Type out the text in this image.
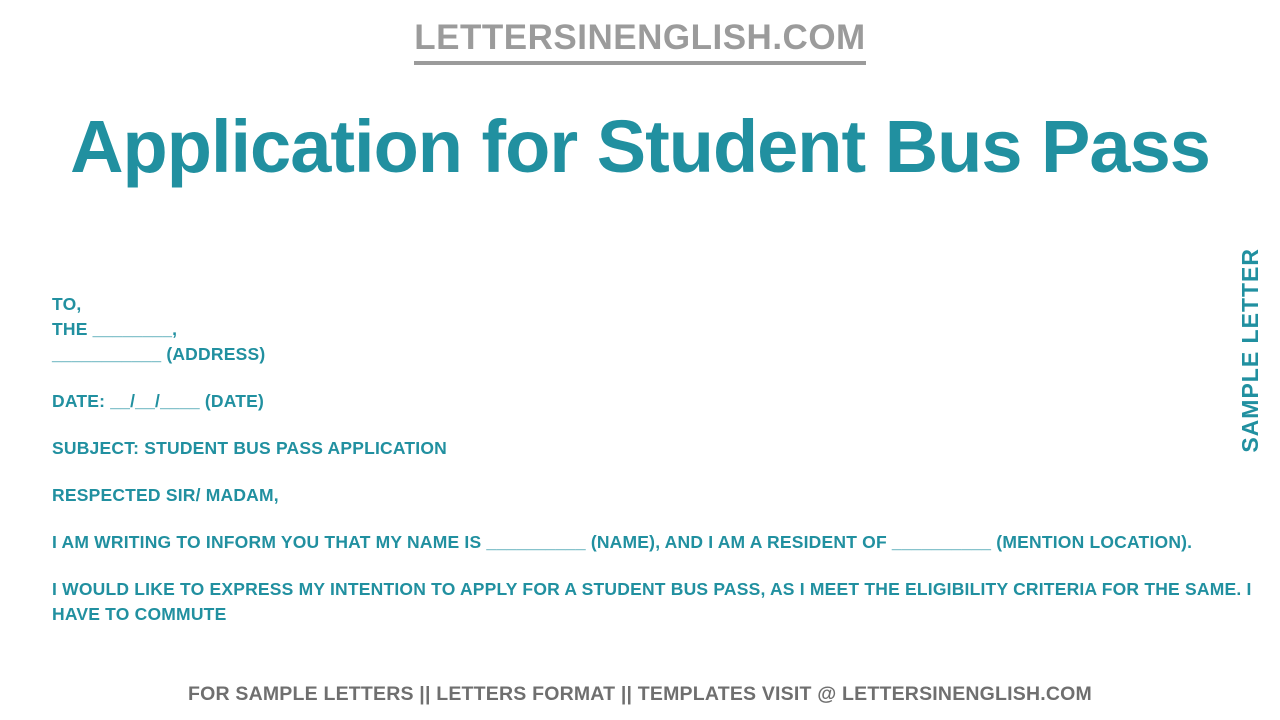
LETTERSINENGLISH.COM
Application for Student Bus Pass
SAMPLE LETTER
TO,
THE ________,
___________ (ADDRESS)
DATE: __/__/____ (DATE)
SUBJECT: STUDENT BUS PASS APPLICATION
RESPECTED SIR/ MADAM,
I AM WRITING TO INFORM YOU THAT MY NAME IS __________ (NAME), AND I AM A RESIDENT OF __________ (MENTION LOCATION).
I WOULD LIKE TO EXPRESS MY INTENTION TO APPLY FOR A STUDENT BUS PASS, AS I MEET THE ELIGIBILITY CRITERIA FOR THE SAME. I HAVE TO COMMUTE
FOR SAMPLE LETTERS || LETTERS FORMAT || TEMPLATES VISIT @ LETTERSINENGLISH.COM
